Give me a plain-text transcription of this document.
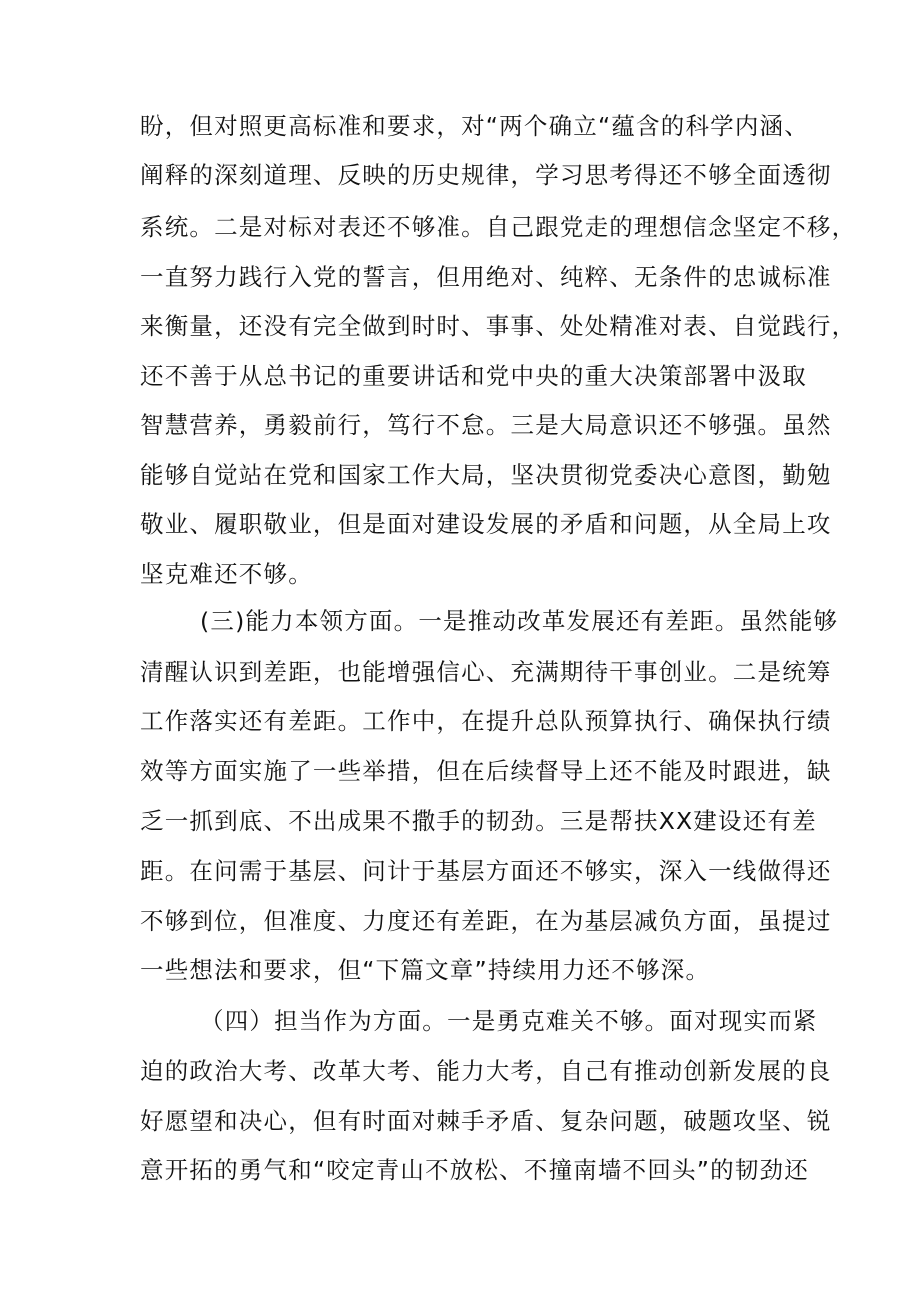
盼，但对照更高标准和要求，对“两个确立“蕴含的科学内涵、
阐释的深刻道理、反映的历史规律，学习思考得还不够全面透彻
系统。二是对标对表还不够准。自己跟党走的理想信念坚定不移，
一直努力践行入党的誓言，但用绝对、纯粹、无条件的忠诚标准
来衡量，还没有完全做到时时、事事、处处精准对表、自觉践行，
还不善于从总书记的重要讲话和党中央的重大决策部署中汲取
智慧营养，勇毅前行，笃行不怠。三是大局意识还不够强。虽然
能够自觉站在党和国家工作大局，坚决贯彻党委决心意图，勤勉
敬业、履职敬业，但是面对建设发展的矛盾和问题，从全局上攻
坚克难还不够。
(三)能力本领方面。一是推动改革发展还有差距。虽然能够
清醒认识到差距，也能增强信心、充满期待干事创业。二是统筹
工作落实还有差距。工作中，在提升总队预算执行、确保执行绩
效等方面实施了一些举措，但在后续督导上还不能及时跟进，缺
乏一抓到底、不出成果不撒手的韧劲。三是帮扶XX建设还有差
距。在问需于基层、问计于基层方面还不够实，深入一线做得还
不够到位，但准度、力度还有差距，在为基层减负方面，虽提过
一些想法和要求，但“下篇文章”持续用力还不够深。
（四）担当作为方面。一是勇克难关不够。面对现实而紧
迫的政治大考、改革大考、能力大考，自己有推动创新发展的良
好愿望和决心，但有时面对棘手矛盾、复杂问题，破题攻坚、锐
意开拓的勇气和“咬定青山不放松、不撞南墙不回头”的韧劲还
